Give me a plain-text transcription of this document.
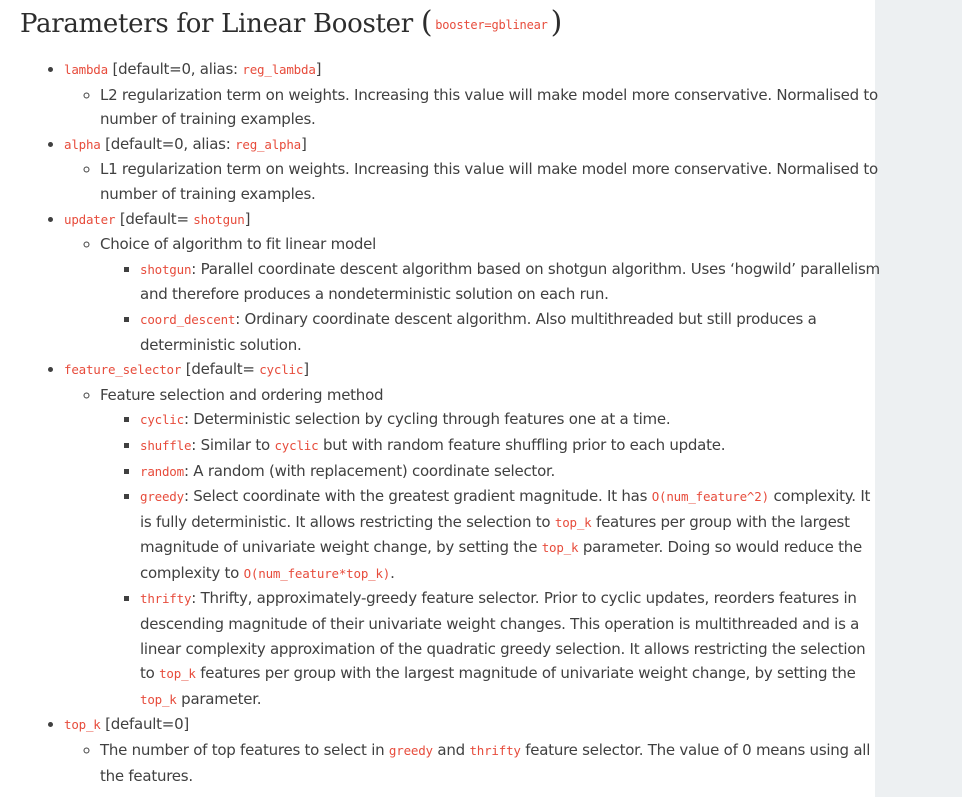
Parameters for Linear Booster ( booster=gblinear )
• lambda [default=0, alias: reg_lambda]
◦ L2 regularization term on weights. Increasing this value will make model more conservative. Normalised to number of training examples.
• alpha [default=0, alias: reg_alpha]
◦ L1 regularization term on weights. Increasing this value will make model more conservative. Normalised to number of training examples.
• updater [default= shotgun]
◦ Choice of algorithm to fit linear model
▪ shotgun: Parallel coordinate descent algorithm based on shotgun algorithm. Uses ‘hogwild’ parallelism and therefore produces a nondeterministic solution on each run.
▪ coord_descent: Ordinary coordinate descent algorithm. Also multithreaded but still produces a deterministic solution.
• feature_selector [default= cyclic]
◦ Feature selection and ordering method
▪ cyclic: Deterministic selection by cycling through features one at a time.
▪ shuffle: Similar to cyclic but with random feature shuffling prior to each update.
▪ random: A random (with replacement) coordinate selector.
▪ greedy: Select coordinate with the greatest gradient magnitude. It has O(num_feature^2) complexity. It is fully deterministic. It allows restricting the selection to top_k features per group with the largest magnitude of univariate weight change, by setting the top_k parameter. Doing so would reduce the complexity to O(num_feature*top_k).
▪ thrifty: Thrifty, approximately-greedy feature selector. Prior to cyclic updates, reorders features in descending magnitude of their univariate weight changes. This operation is multithreaded and is a linear complexity approximation of the quadratic greedy selection. It allows restricting the selection to top_k features per group with the largest magnitude of univariate weight change, by setting the top_k parameter.
• top_k [default=0]
◦ The number of top features to select in greedy and thrifty feature selector. The value of 0 means using all the features.
